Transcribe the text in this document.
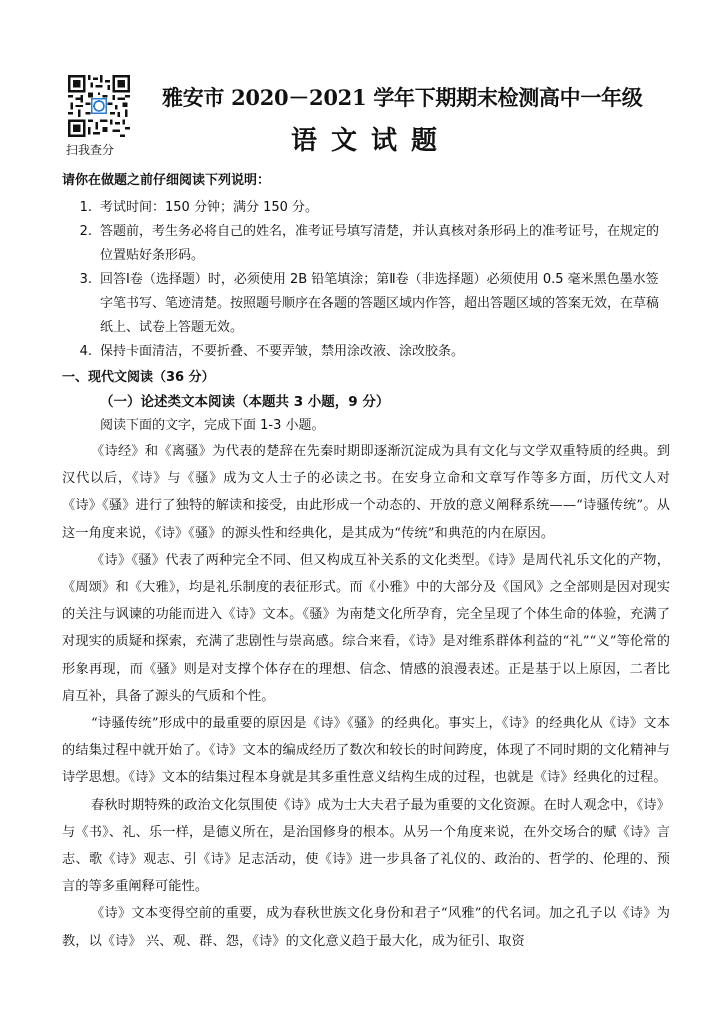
扫我查分
雅安市 2020－2021 学年下期期末检测高中一年级
语文试题
请你在做题之前仔细阅读下列说明：
1. 考试时间：150 分钟；满分 150 分。
2. 答题前，考生务必将自己的姓名，准考证号填写清楚，并认真核对条形码上的准考证号，在规定的位置贴好条形码。
3. 回答Ⅰ卷（选择题）时，必须使用 2B 铅笔填涂；第Ⅱ卷（非选择题）必须使用 0.5 毫米黑色墨水签字笔书写、笔迹清楚。按照题号顺序在各题的答题区域内作答，超出答题区域的答案无效，在草稿纸上、试卷上答题无效。
4. 保持卡面清洁，不要折叠、不要弄皱，禁用涂改液、涂改胶条。
一、现代文阅读（36 分）
（一）论述类文本阅读（本题共 3 小题，9 分）
阅读下面的文字，完成下面 1-3 小题。

《诗经》和《离骚》为代表的楚辞在先秦时期即逐渐沉淀成为具有文化与文学双重特质的经典。到汉代以后，《诗》与《骚》成为文人士子的必读之书。在安身立命和文章写作等多方面，历代文人对《诗》《骚》进行了独特的解读和接受，由此形成一个动态的、开放的意义阐释系统——“诗骚传统”。从这一角度来说，《诗》《骚》的源头性和经典化，是其成为“传统”和典范的内在原因。

《诗》《骚》代表了两种完全不同、但又构成互补关系的文化类型。《诗》是周代礼乐文化的产物，《周颂》和《大雅》，均是礼乐制度的表征形式。而《小雅》中的大部分及《国风》之全部则是因对现实的关注与讽谏的功能而进入《诗》文本。《骚》为南楚文化所孕育，完全呈现了个体生命的体验，充满了对现实的质疑和探索，充满了悲剧性与崇高感。综合来看，《诗》是对维系群体利益的“礼”“义”等伦常的形象再现，而《骚》则是对支撑个体存在的理想、信念、情感的浪漫表述。正是基于以上原因，二者比肩互补，具备了源头的气质和个性。

“诗骚传统”形成中的最重要的原因是《诗》《骚》的经典化。事实上，《诗》的经典化从《诗》文本的结集过程中就开始了。《诗》文本的编成经历了数次和较长的时间跨度，体现了不同时期的文化精神与诗学思想。《诗》文本的结集过程本身就是其多重性意义结构生成的过程，也就是《诗》经典化的过程。

春秋时期特殊的政治文化氛围使《诗》成为士大夫君子最为重要的文化资源。在时人观念中，《诗》与《书》、礼、乐一样，是德义所在，是治国修身的根本。从另一个角度来说，在外交场合的赋《诗》言志、歌《诗》观志、引《诗》足志活动，使《诗》进一步具备了礼仪的、政治的、哲学的、伦理的、预言的等多重阐释可能性。

《诗》文本变得空前的重要，成为春秋世族文化身份和君子“风雅”的代名词。加之孔子以《诗》为教，以《诗》 兴、观、群、怨，《诗》的文化意义趋于最大化，成为征引、取资
